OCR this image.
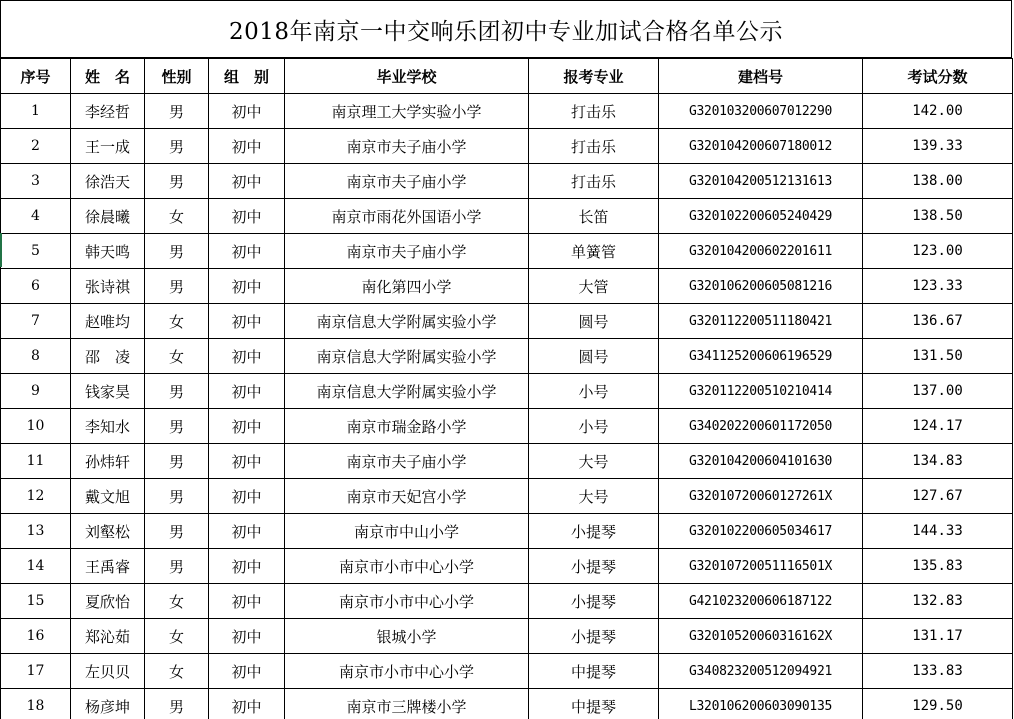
2018年南京一中交响乐团初中专业加试合格名单公示
序号	姓　名	性别	组　别	毕业学校	报考专业	建档号	考试分数
1	李经哲	男	初中	南京理工大学实验小学	打击乐	G320103200607012290	142.00
2	王一成	男	初中	南京市夫子庙小学	打击乐	G320104200607180012	139.33
3	徐浩天	男	初中	南京市夫子庙小学	打击乐	G320104200512131613	138.00
4	徐晨曦	女	初中	南京市雨花外国语小学	长笛	G320102200605240429	138.50
5	韩天鸣	男	初中	南京市夫子庙小学	单簧管	G320104200602201611	123.00
6	张诗祺	男	初中	南化第四小学	大管	G320106200605081216	123.33
7	赵唯均	女	初中	南京信息大学附属实验小学	圆号	G320112200511180421	136.67
8	邵　凌	女	初中	南京信息大学附属实验小学	圆号	G341125200606196529	131.50
9	钱家昊	男	初中	南京信息大学附属实验小学	小号	G320112200510210414	137.00
10	李知水	男	初中	南京市瑞金路小学	小号	G340202200601172050	124.17
11	孙炜轩	男	初中	南京市夫子庙小学	大号	G320104200604101630	134.83
12	戴文旭	男	初中	南京市天妃宫小学	大号	G32010720060127261X	127.67
13	刘壑松	男	初中	南京市中山小学	小提琴	G320102200605034617	144.33
14	王禹睿	男	初中	南京市小市中心小学	小提琴	G32010720051116501X	135.83
15	夏欣怡	女	初中	南京市小市中心小学	小提琴	G421023200606187122	132.83
16	郑沁茹	女	初中	银城小学	小提琴	G32010520060316162X	131.17
17	左贝贝	女	初中	南京市小市中心小学	中提琴	G340823200512094921	133.83
18	杨彦坤	男	初中	南京市三牌楼小学	中提琴	L320106200603090135	129.50
